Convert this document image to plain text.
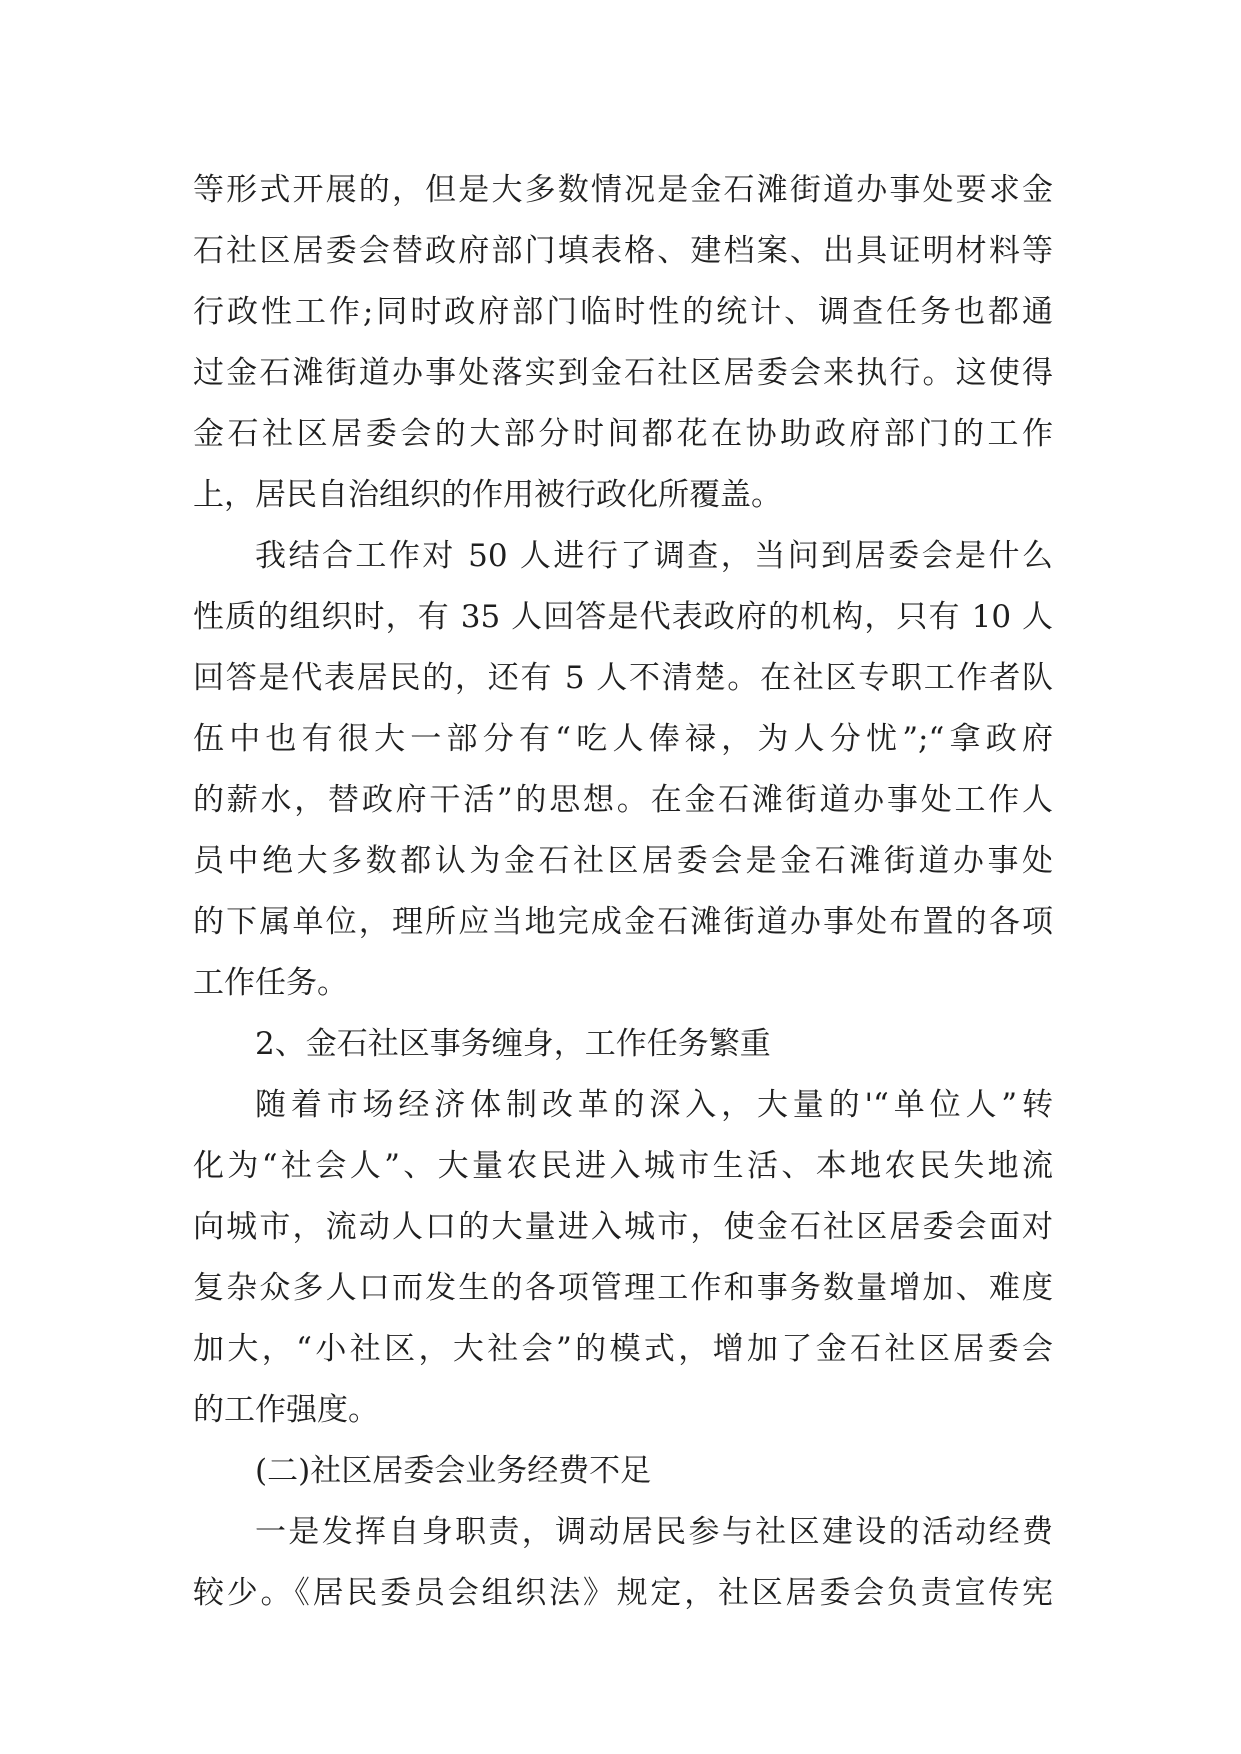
等形式开展的，但是大多数情况是金石滩街道办事处要求金
石社区居委会替政府部门填表格、建档案、出具证明材料等
行政性工作;同时政府部门临时性的统计、调查任务也都通
过金石滩街道办事处落实到金石社区居委会来执行。这使得
金石社区居委会的大部分时间都花在协助政府部门的工作
上，居民自治组织的作用被行政化所覆盖。
我结合工作对 50 人进行了调查，当问到居委会是什么
性质的组织时，有 35 人回答是代表政府的机构，只有 10 人
回答是代表居民的，还有 5 人不清楚。在社区专职工作者队
伍中也有很大一部分有“吃人俸禄，为人分忧”;“拿政府
的薪水，替政府干活”的思想。在金石滩街道办事处工作人
员中绝大多数都认为金石社区居委会是金石滩街道办事处
的下属单位，理所应当地完成金石滩街道办事处布置的各项
工作任务。
2、金石社区事务缠身，工作任务繁重
随着市场经济体制改革的深入，大量的'“单位人”转
化为“社会人”、大量农民进入城市生活、本地农民失地流
向城市，流动人口的大量进入城市，使金石社区居委会面对
复杂众多人口而发生的各项管理工作和事务数量增加、难度
加大，“小社区，大社会”的模式，增加了金石社区居委会
的工作强度。
(二)社区居委会业务经费不足
一是发挥自身职责，调动居民参与社区建设的活动经费
较少。《居民委员会组织法》规定，社区居委会负责宣传宪
